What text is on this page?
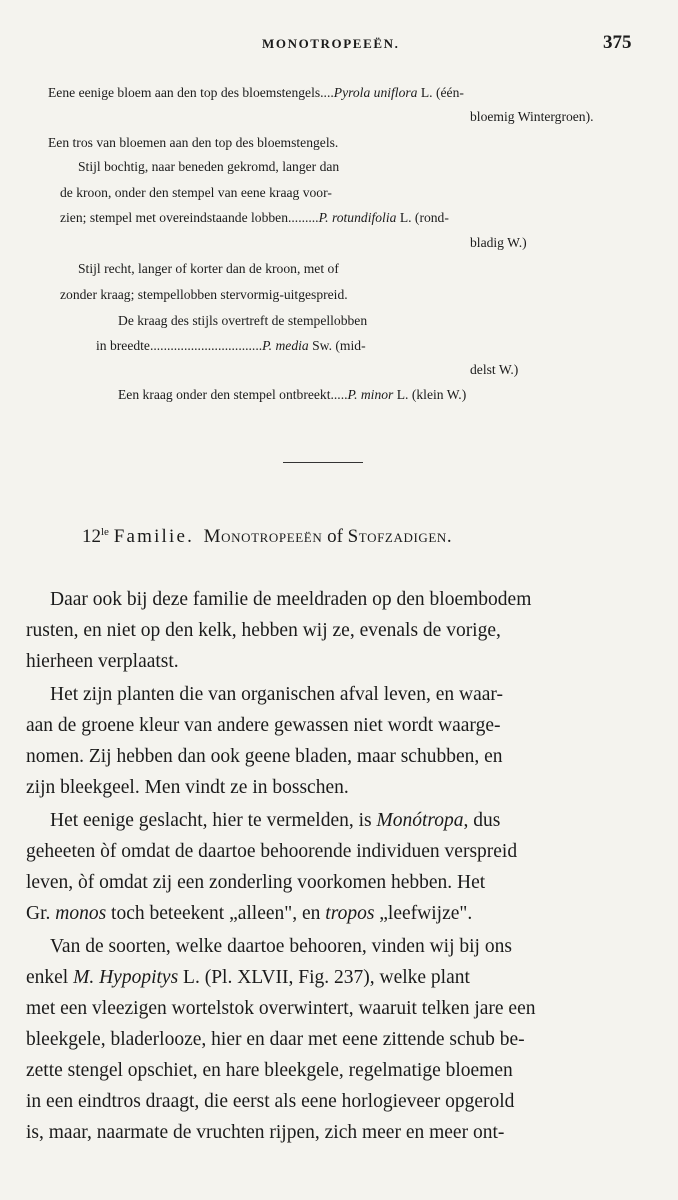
MONOTROPEEËN.	375
Eene eenige bloem aan den top des bloemstengels....Pyrola uniflora L. (één-
bloemig Wintergroen).
Een tros van bloemen aan den top des bloemstengels.
Stijl bochtig, naar beneden gekromd, langer dan
de kroon, onder den stempel van eene kraag voor-
zien; stempel met overeindstaande lobben.........P. rotundifolia L. (rond-
bladig W.)
Stijl recht, langer of korter dan de kroon, met of
zonder kraag; stempellobben stervormig-uitgespreid.
De kraag des stijls overtreft de stempellobben
in breedte.................................P. media Sw. (mid-
delst W.)
Een kraag onder den stempel ontbreekt.....P. minor L. (klein W.)
$12^{le}$ Familie. Monotropeeën of Stofzadigen.
Daar ook bij deze familie de meeldraden op den bloembodem
rusten, en niet op den kelk, hebben wij ze, evenals de vorige,
hierheen verplaatst.
Het zijn planten die van organischen afval leven, en waar-
aan de groene kleur van andere gewassen niet wordt waarge-
nomen. Zij hebben dan ook geene bladen, maar schubben, en
zijn bleekgeel. Men vindt ze in bosschen.
Het eenige geslacht, hier te vermelden, is Monótropa, dus
geheeten òf omdat de daartoe behoorende individuen verspreid
leven, òf omdat zij een zonderling voorkomen hebben. Het
Gr. monos toch beteekent „alleen", en tropos „leefwijze".
Van de soorten, welke daartoe behooren, vinden wij bij ons
enkel M. Hypopitys L. (Pl. XLVII, Fig. 237), welke plant
met een vleezigen wortelstok overwintert, waaruit telken jare een
bleekgele, bladerlooze, hier en daar met eene zittende schub be-
zette stengel opschiet, en hare bleekgele, regelmatige bloemen
in een eindtros draagt, die eerst als eene horlogieveer opgerold
is, maar, naarmate de vruchten rijpen, zich meer en meer ont-
